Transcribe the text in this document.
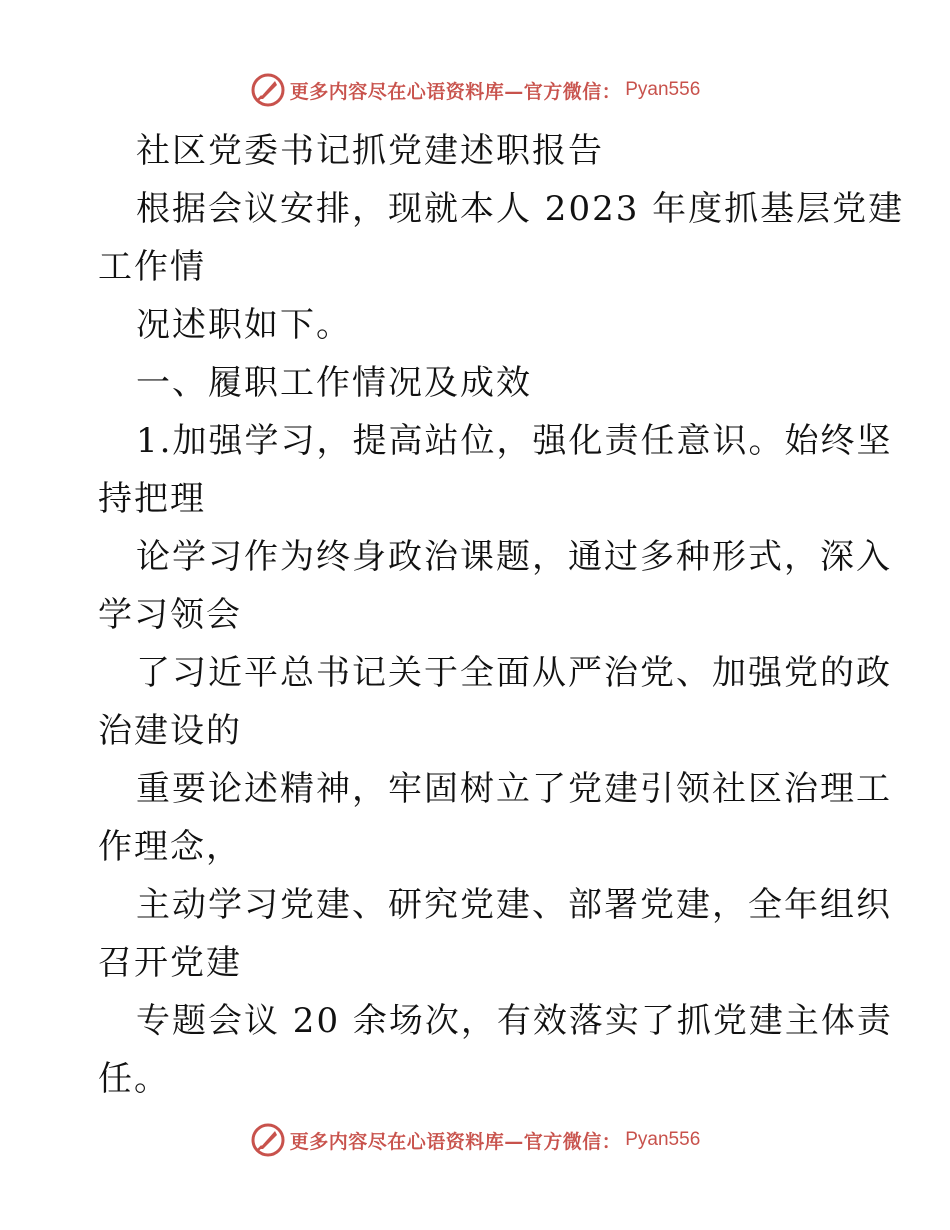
更多内容尽在心语资料库—官方微信： Pyan556
社区党委书记抓党建述职报告
根据会议安排，现就本人 2023 年度抓基层党建
工作情
况述职如下。
一、履职工作情况及成效
1.加强学习，提高站位，强化责任意识。始终坚
持把理
论学习作为终身政治课题，通过多种形式，深入
学习领会
了习近平总书记关于全面从严治党、加强党的政
治建设的
重要论述精神，牢固树立了党建引领社区治理工
作理念，
主动学习党建、研究党建、部署党建，全年组织
召开党建
专题会议 20 余场次，有效落实了抓党建主体责
任。
更多内容尽在心语资料库—官方微信： Pyan556
